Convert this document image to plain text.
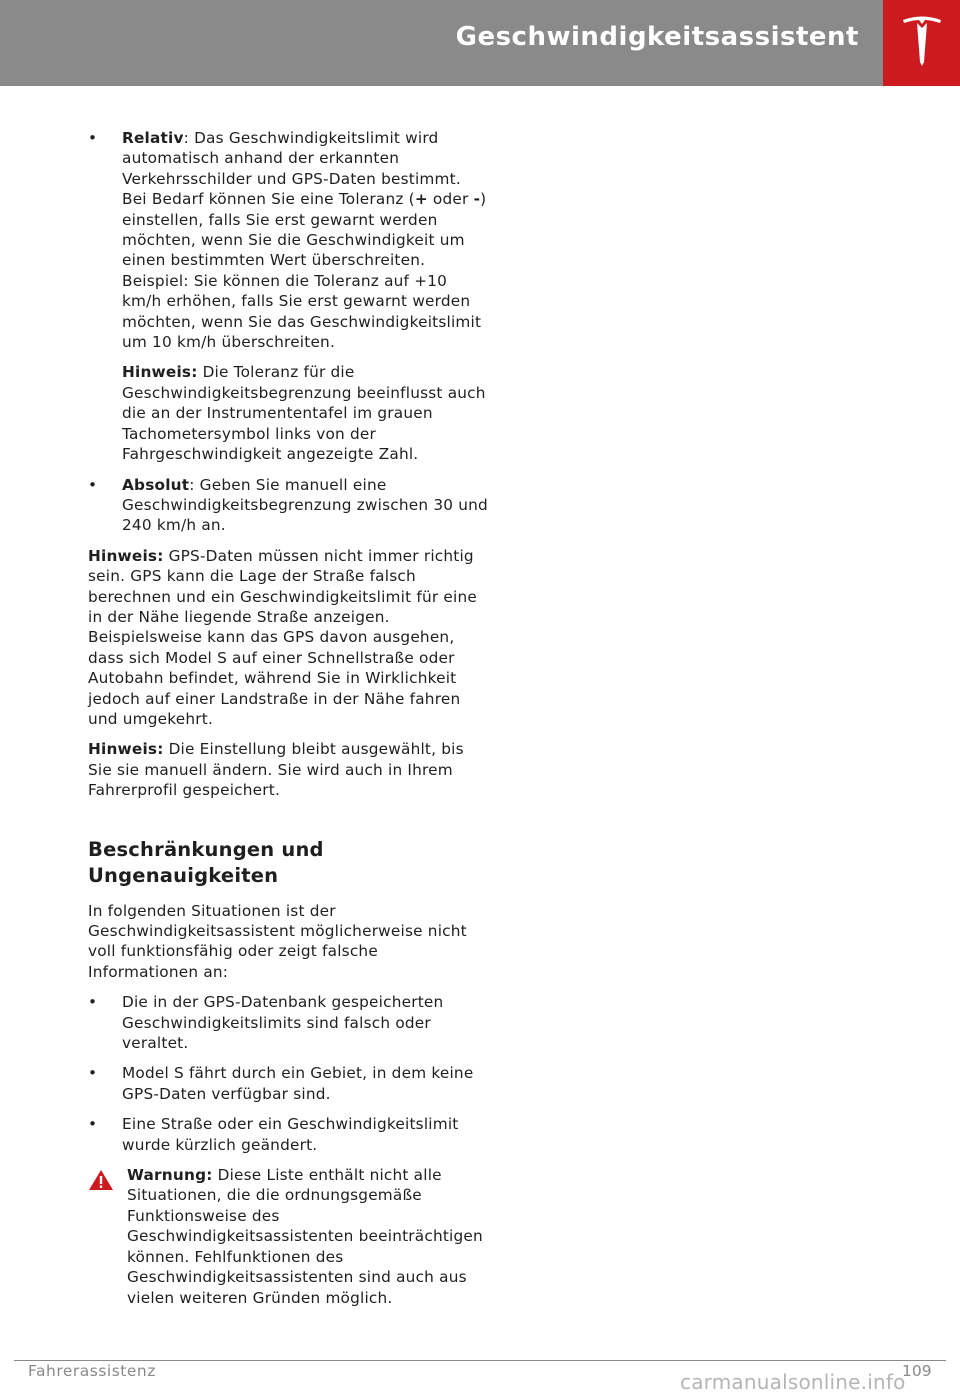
Geschwindigkeitsassistent
• Relativ: Das Geschwindigkeitslimit wird automatisch anhand der erkannten Verkehrsschilder und GPS-Daten bestimmt. Bei Bedarf können Sie eine Toleranz (+ oder -) einstellen, falls Sie erst gewarnt werden möchten, wenn Sie die Geschwindigkeit um einen bestimmten Wert überschreiten. Beispiel: Sie können die Toleranz auf +10 km/h erhöhen, falls Sie erst gewarnt werden möchten, wenn Sie das Geschwindigkeitslimit um 10 km/h überschreiten.
Hinweis: Die Toleranz für die Geschwindigkeitsbegrenzung beeinflusst auch die an der Instrumententafel im grauen Tachometersymbol links von der Fahrgeschwindigkeit angezeigte Zahl.
• Absolut: Geben Sie manuell eine Geschwindigkeitsbegrenzung zwischen 30 und 240 km/h an.

Hinweis: GPS-Daten müssen nicht immer richtig sein. GPS kann die Lage der Straße falsch berechnen und ein Geschwindigkeitslimit für eine in der Nähe liegende Straße anzeigen. Beispielsweise kann das GPS davon ausgehen, dass sich Model S auf einer Schnellstraße oder Autobahn befindet, während Sie in Wirklichkeit jedoch auf einer Landstraße in der Nähe fahren und umgekehrt.

Hinweis: Die Einstellung bleibt ausgewählt, bis Sie sie manuell ändern. Sie wird auch in Ihrem Fahrerprofil gespeichert.

Beschränkungen und Ungenauigkeiten

In folgenden Situationen ist der Geschwindigkeitsassistent möglicherweise nicht voll funktionsfähig oder zeigt falsche Informationen an:

• Die in der GPS-Datenbank gespeicherten Geschwindigkeitslimits sind falsch oder veraltet.
• Model S fährt durch ein Gebiet, in dem keine GPS-Daten verfügbar sind.
• Eine Straße oder ein Geschwindigkeitslimit wurde kürzlich geändert.
Warnung: Diese Liste enthält nicht alle Situationen, die die ordnungsgemäße Funktionsweise des Geschwindigkeitsassistenten beeinträchtigen können. Fehlfunktionen des Geschwindigkeitsassistenten sind auch aus vielen weiteren Gründen möglich.
Fahrerassistenz	109
carmanualsonline.info
